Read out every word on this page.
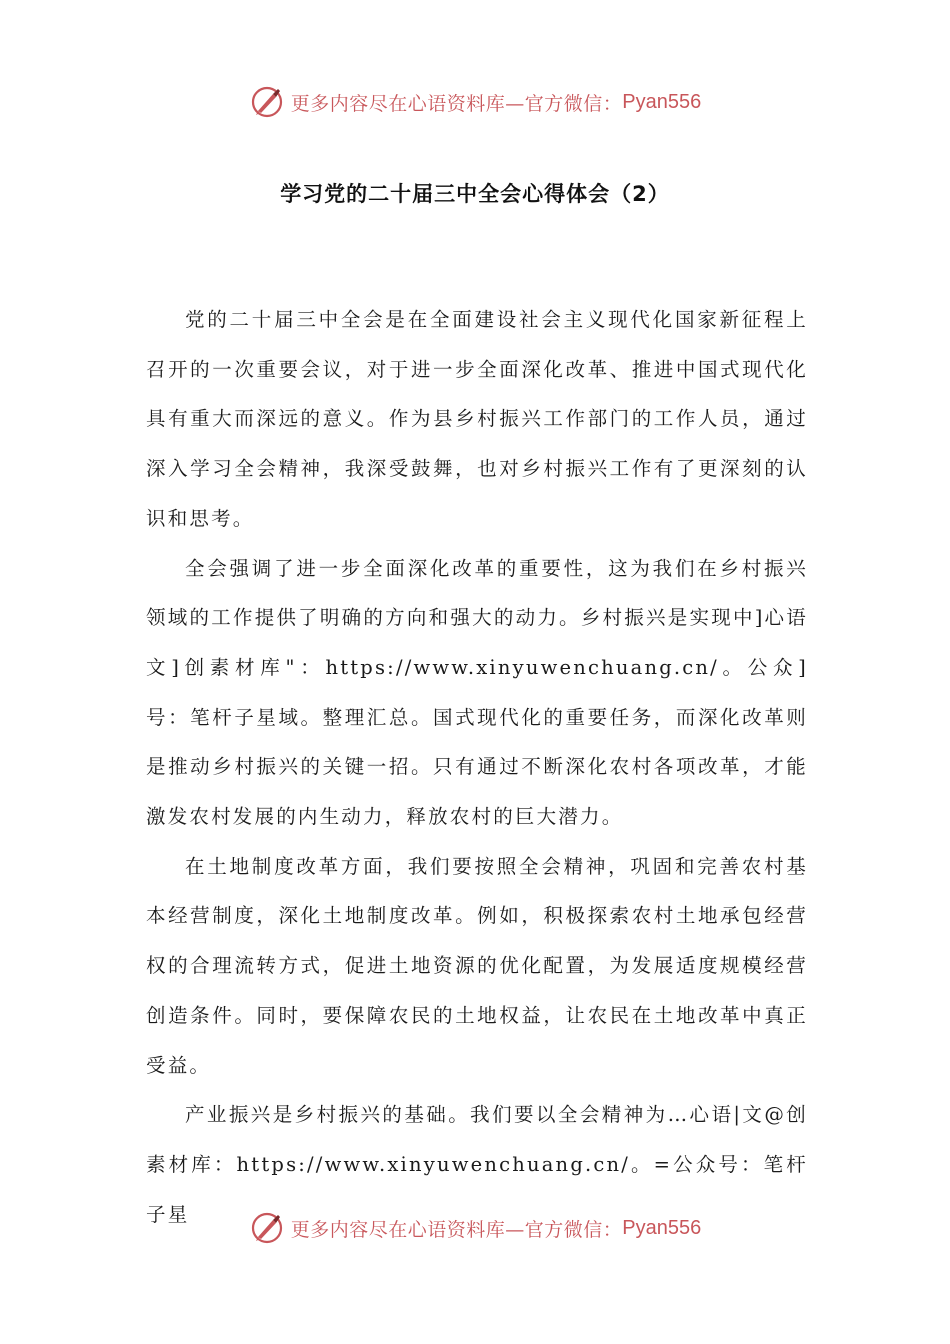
更多内容尽在心语资料库—官方微信： Pyan556
学习党的二十届三中全会心得体会（2）

党的二十届三中全会是在全面建设社会主义现代化国家新征程上召开的一次重要会议，对于进一步全面深化改革、推进中国式现代化具有重大而深远的意义。作为县乡村振兴工作部门的工作人员，通过深入学习全会精神，我深受鼓舞，也对乡村振兴工作有了更深刻的认识和思考。

全会强调了进一步全面深化改革的重要性，这为我们在乡村振兴领域的工作提供了明确的方向和强大的动力。乡村振兴是实现中]心语文]创素材库"：https://www.xinyuwenchuang.cn/。公众]号：笔杆子星域。整理汇总。国式现代化的重要任务，而深化改革则是推动乡村振兴的关键一招。只有通过不断深化农村各项改革，才能激发农村发展的内生动力，释放农村的巨大潜力。

在土地制度改革方面，我们要按照全会精神，巩固和完善农村基本经营制度，深化土地制度改革。例如，积极探索农村土地承包经营权的合理流转方式，促进土地资源的优化配置，为发展适度规模经营创造条件。同时，要保障农民的土地权益，让农民在土地改革中真正受益。

产业振兴是乡村振兴的基础。我们要以全会精神为…心语|文@创素材库：https://www.xinyuwenchuang.cn/。=公众号：笔杆子星

更多内容尽在心语资料库—官方微信： Pyan556
